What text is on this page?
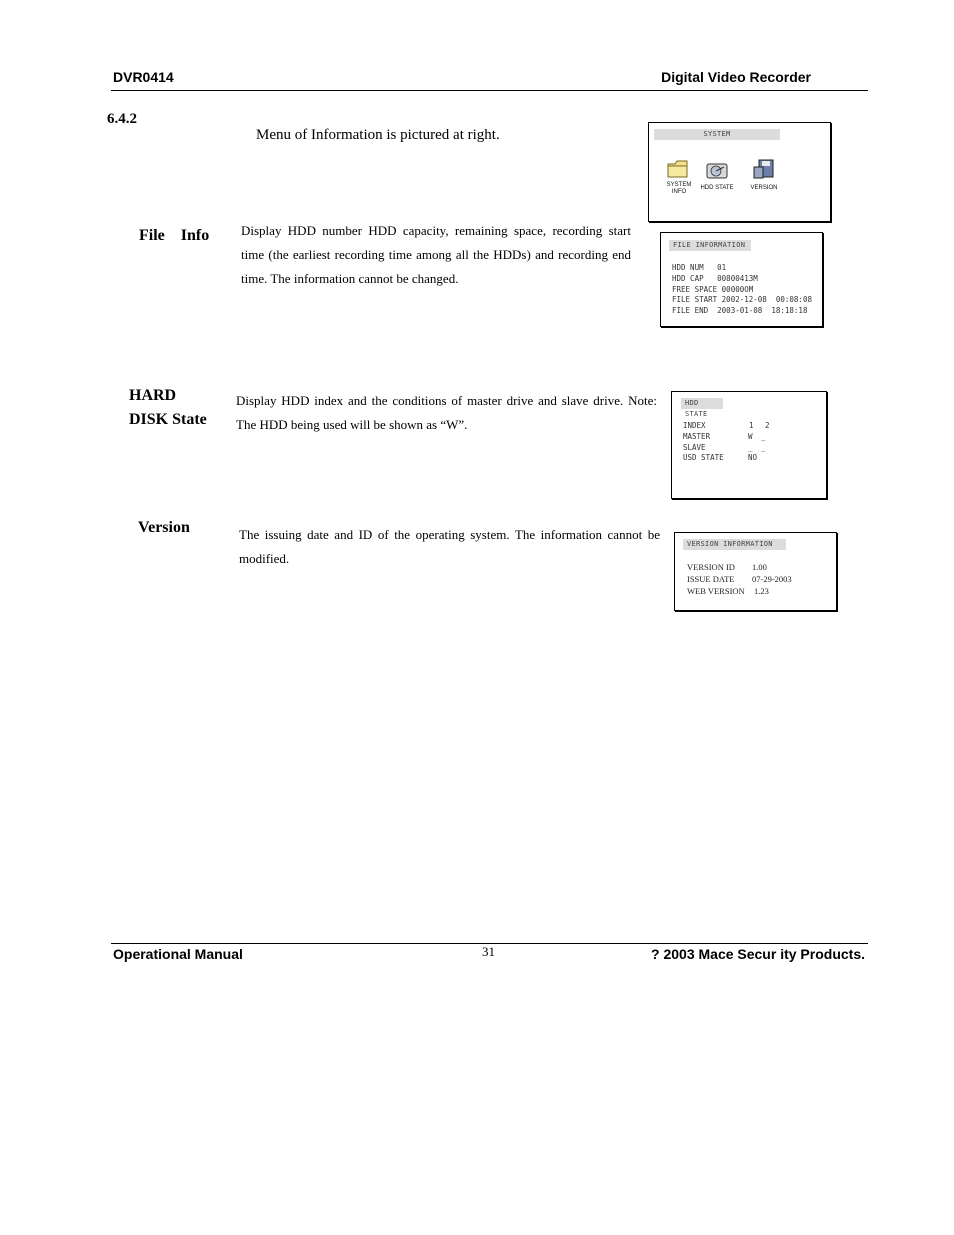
DVR0414	Digital Video Recorder
6.4.2
Menu of Information is pictured at right.	SYSTEM
SYSTEM
INFO
HDD STATE	VERSION
File Info Display HDD number HDD capacity, remaining space, recording start time (the earliest recording time among all the HDDs) and recording end time. The information cannot be changed.
FILE INFORMATION
HDD NUM   01
HDD CAP   00800413M
FREE SPACE 00000OM
FILE START 2002-12-08  00:08:08
FILE END  2003-01-08  18:18:18
HARD
DISK State
Display HDD index and the conditions of master drive and slave drive. Note: The HDD being used will be shown as “W”.
HDD STATE
INDEX	1 2
MASTER	W _
SLAVE	_ _
USD STATE	NO
Version	The issuing date and ID of the operating system. The information cannot be modified.
VERSION INFORMATION
VERSION ID 1.00
ISSUE DATE 07-29-2003
WEB VERSION 1.23
Operational Manual	31	? 2003 Mace Secur ity Products.
